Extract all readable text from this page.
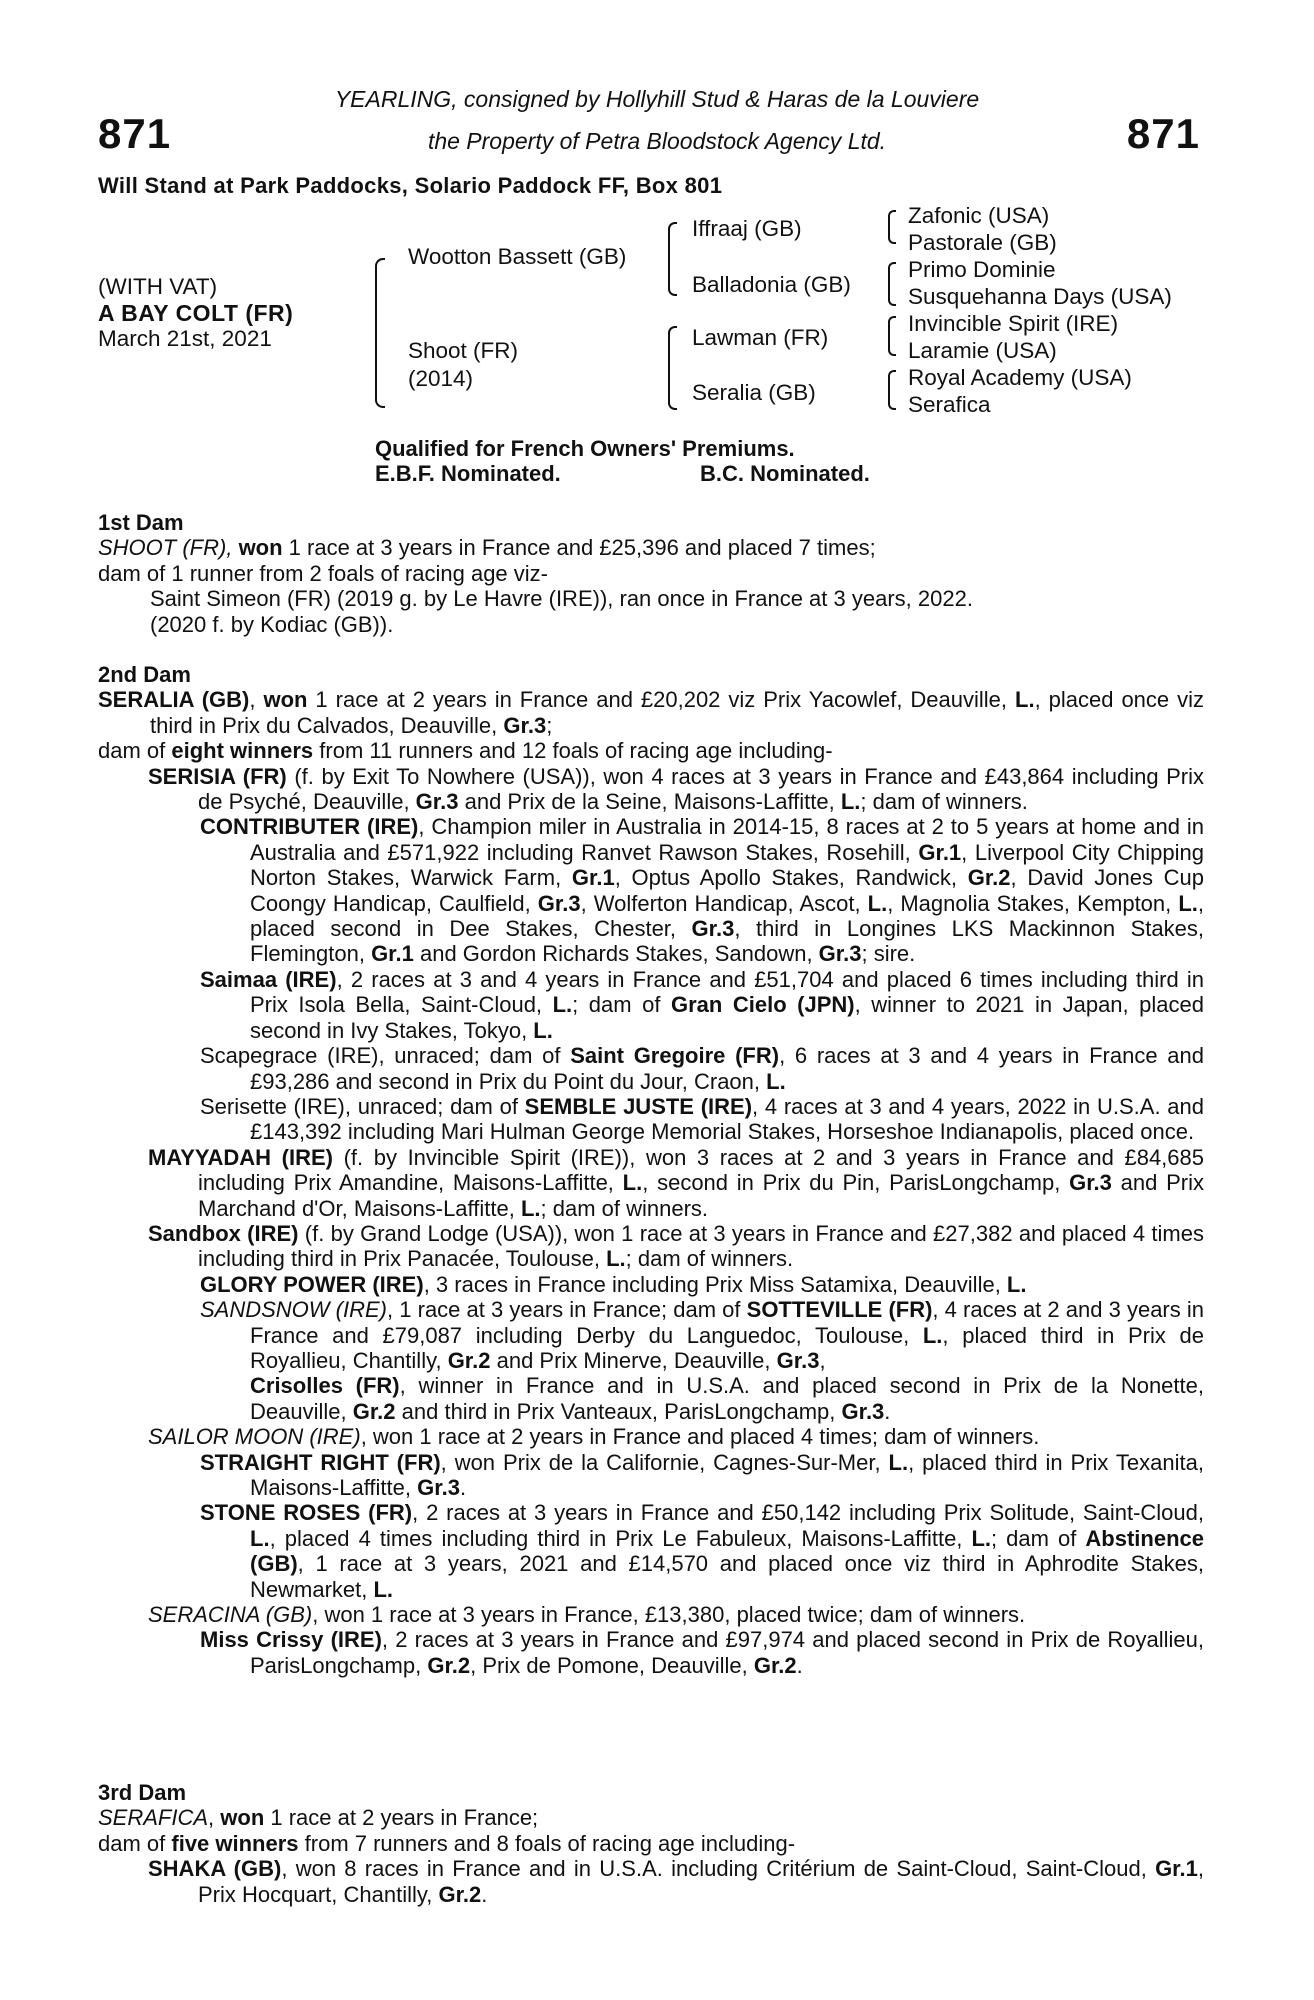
871	871
YEARLING, consigned by Hollyhill Stud & Haras de la Louviere
the Property of Petra Bloodstock Agency Ltd.
Will Stand at Park Paddocks, Solario Paddock FF, Box 801
(WITH VAT)
A BAY COLT (FR)
March 21st, 2021
Wootton Bassett (GB)
Shoot (FR)
(2014)
Iffraaj (GB)
Balladonia (GB)
Lawman (FR)
Seralia (GB)
Zafonic (USA)
Pastorale (GB)
Primo Dominie
Susquehanna Days (USA)
Invincible Spirit (IRE)
Laramie (USA)
Royal Academy (USA)
Serafica
Qualified for French Owners' Premiums.
E.B.F. Nominated.	B.C. Nominated.
1st Dam
SHOOT (FR), won 1 race at 3 years in France and £25,396 and placed 7 times;
dam of 1 runner from 2 foals of racing age viz-
Saint Simeon (FR) (2019 g. by Le Havre (IRE)), ran once in France at 3 years, 2022.
(2020 f. by Kodiac (GB)).
2nd Dam
SERALIA (GB), won 1 race at 2 years in France and £20,202 viz Prix Yacowlef, Deauville, L., placed once viz third in Prix du Calvados, Deauville, Gr.3;
dam of eight winners from 11 runners and 12 foals of racing age including-
SERISIA (FR) (f. by Exit To Nowhere (USA)), won 4 races at 3 years in France and £43,864 including Prix de Psyché, Deauville, Gr.3 and Prix de la Seine, Maisons-Laffitte, L.; dam of winners.
CONTRIBUTER (IRE), Champion miler in Australia in 2014-15, 8 races at 2 to 5 years at home and in Australia and £571,922 including Ranvet Rawson Stakes, Rosehill, Gr.1, Liverpool City Chipping Norton Stakes, Warwick Farm, Gr.1, Optus Apollo Stakes, Randwick, Gr.2, David Jones Cup Coongy Handicap, Caulfield, Gr.3, Wolferton Handicap, Ascot, L., Magnolia Stakes, Kempton, L., placed second in Dee Stakes, Chester, Gr.3, third in Longines LKS Mackinnon Stakes, Flemington, Gr.1 and Gordon Richards Stakes, Sandown, Gr.3; sire.
Saimaa (IRE), 2 races at 3 and 4 years in France and £51,704 and placed 6 times including third in Prix Isola Bella, Saint-Cloud, L.; dam of Gran Cielo (JPN), winner to 2021 in Japan, placed second in Ivy Stakes, Tokyo, L.
Scapegrace (IRE), unraced; dam of Saint Gregoire (FR), 6 races at 3 and 4 years in France and £93,286 and second in Prix du Point du Jour, Craon, L.
Serisette (IRE), unraced; dam of SEMBLE JUSTE (IRE), 4 races at 3 and 4 years, 2022 in U.S.A. and £143,392 including Mari Hulman George Memorial Stakes, Horseshoe Indianapolis, placed once.
MAYYADAH (IRE) (f. by Invincible Spirit (IRE)), won 3 races at 2 and 3 years in France and £84,685 including Prix Amandine, Maisons-Laffitte, L., second in Prix du Pin, ParisLongchamp, Gr.3 and Prix Marchand d'Or, Maisons-Laffitte, L.; dam of winners.
Sandbox (IRE) (f. by Grand Lodge (USA)), won 1 race at 3 years in France and £27,382 and placed 4 times including third in Prix Panacée, Toulouse, L.; dam of winners.
GLORY POWER (IRE), 3 races in France including Prix Miss Satamixa, Deauville, L.
SANDSNOW (IRE), 1 race at 3 years in France; dam of SOTTEVILLE (FR), 4 races at 2 and 3 years in France and £79,087 including Derby du Languedoc, Toulouse, L., placed third in Prix de Royallieu, Chantilly, Gr.2 and Prix Minerve, Deauville, Gr.3,
Crisolles (FR), winner in France and in U.S.A. and placed second in Prix de la Nonette, Deauville, Gr.2 and third in Prix Vanteaux, ParisLongchamp, Gr.3.
SAILOR MOON (IRE), won 1 race at 2 years in France and placed 4 times; dam of winners.
STRAIGHT RIGHT (FR), won Prix de la Californie, Cagnes-Sur-Mer, L., placed third in Prix Texanita, Maisons-Laffitte, Gr.3.
STONE ROSES (FR), 2 races at 3 years in France and £50,142 including Prix Solitude, Saint-Cloud, L., placed 4 times including third in Prix Le Fabuleux, Maisons-Laffitte, L.; dam of Abstinence (GB), 1 race at 3 years, 2021 and £14,570 and placed once viz third in Aphrodite Stakes, Newmarket, L.
SERACINA (GB), won 1 race at 3 years in France, £13,380, placed twice; dam of winners.
Miss Crissy (IRE), 2 races at 3 years in France and £97,974 and placed second in Prix de Royallieu, ParisLongchamp, Gr.2, Prix de Pomone, Deauville, Gr.2.
3rd Dam
SERAFICA, won 1 race at 2 years in France;
dam of five winners from 7 runners and 8 foals of racing age including-
SHAKA (GB), won 8 races in France and in U.S.A. including Critérium de Saint-Cloud, Saint-Cloud, Gr.1, Prix Hocquart, Chantilly, Gr.2.
